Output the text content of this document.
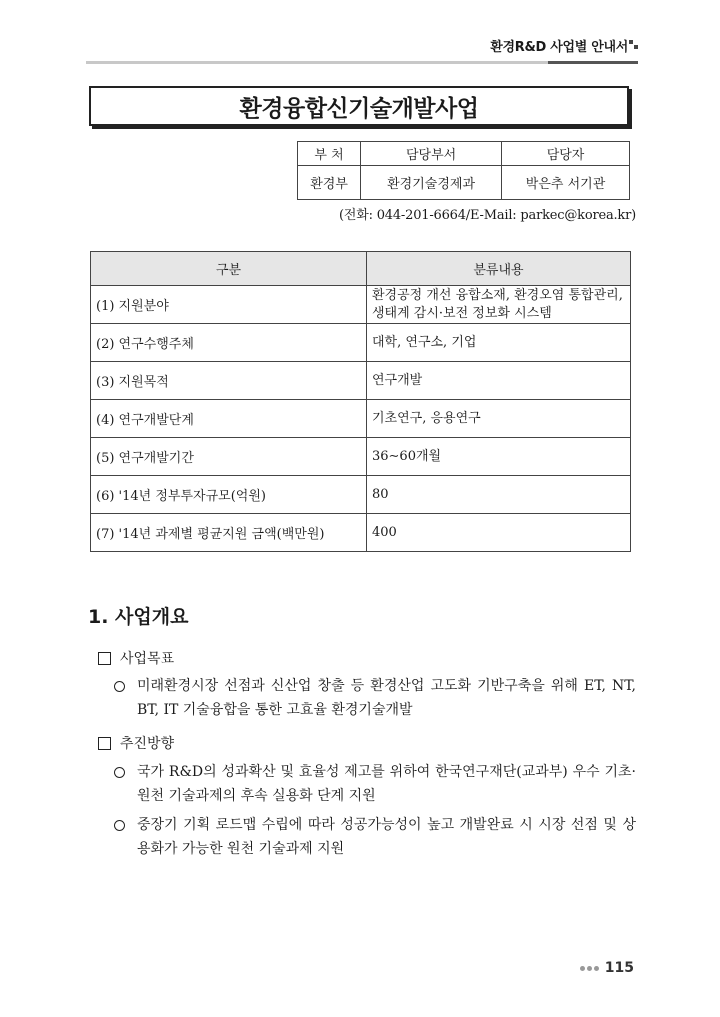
환경R&D 사업별 안내서
환경융합신기술개발사업
부 처	담당부서	담당자
환경부	환경기술경제과	박은추 서기관
(전화: 044-201-6664/E-Mail: parkec@korea.kr)
구분	분류내용
(1) 지원분야	환경공정 개선 융합소재, 환경오염 통합관리, 생태계 감시·보전 정보화 시스템
(2) 연구수행주체	대학, 연구소, 기업
(3) 지원목적	연구개발
(4) 연구개발단계	기초연구, 응용연구
(5) 연구개발기간	36∼60개월
(6) '14년 정부투자규모(억원)	80
(7) '14년 과제별 평균지원 금액(백만원)	400
1. 사업개요
사업목표
미래환경시장 선점과 신산업 창출 등 환경산업 고도화 기반구축을 위해 ET, NT, BT, IT 기술융합을 통한 고효율 환경기술개발
추진방향
국가 R&D의 성과확산 및 효율성 제고를 위하여 한국연구재단(교과부) 우수 기초·원천 기술과제의 후속 실용화 단계 지원
중장기 기획 로드맵 수립에 따라 성공가능성이 높고 개발완료 시 시장 선점 및 상용화가 가능한 원천 기술과제 지원
115
